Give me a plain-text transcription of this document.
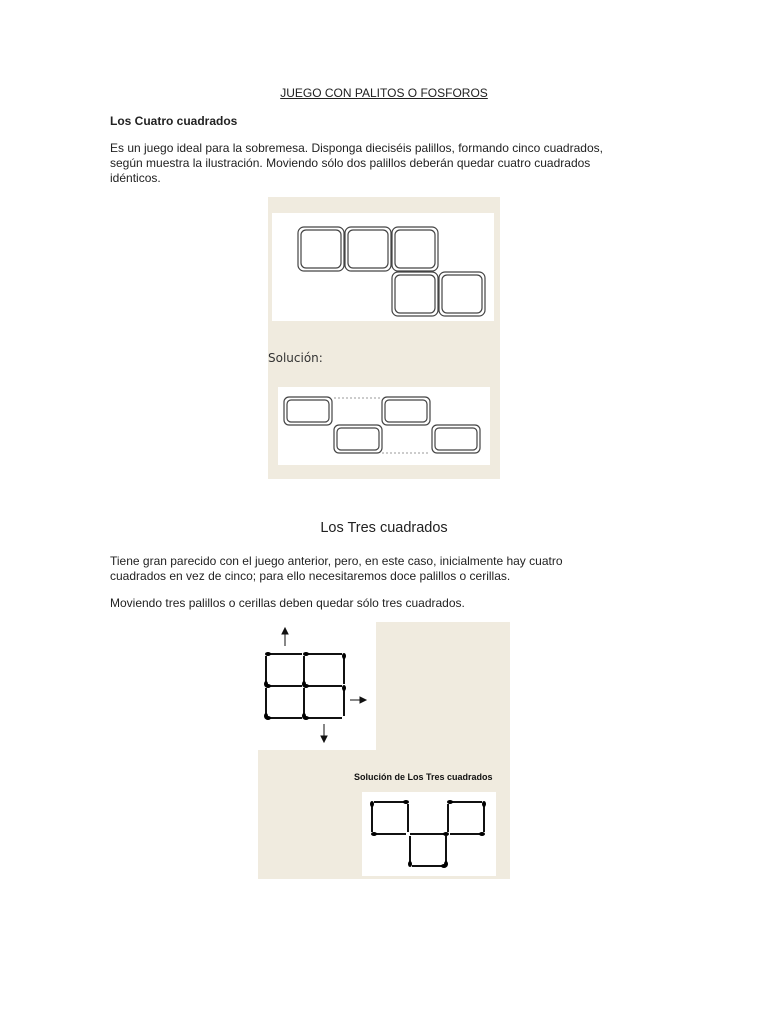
JUEGO CON PALITOS O FOSFOROS
Los Cuatro cuadrados
Es un juego ideal para la sobremesa. Disponga dieciséis palillos, formando cinco cuadrados,
según muestra la ilustración. Moviendo sólo dos palillos deberán quedar cuatro cuadrados
idénticos.
Solución:
Los Tres cuadrados
Tiene gran parecido con el juego anterior, pero, en este caso, inicialmente hay cuatro
cuadrados en vez de cinco; para ello necesitaremos doce palillos o cerillas.
Moviendo tres palillos o cerillas deben quedar sólo tres cuadrados.
Solución de Los Tres cuadrados
